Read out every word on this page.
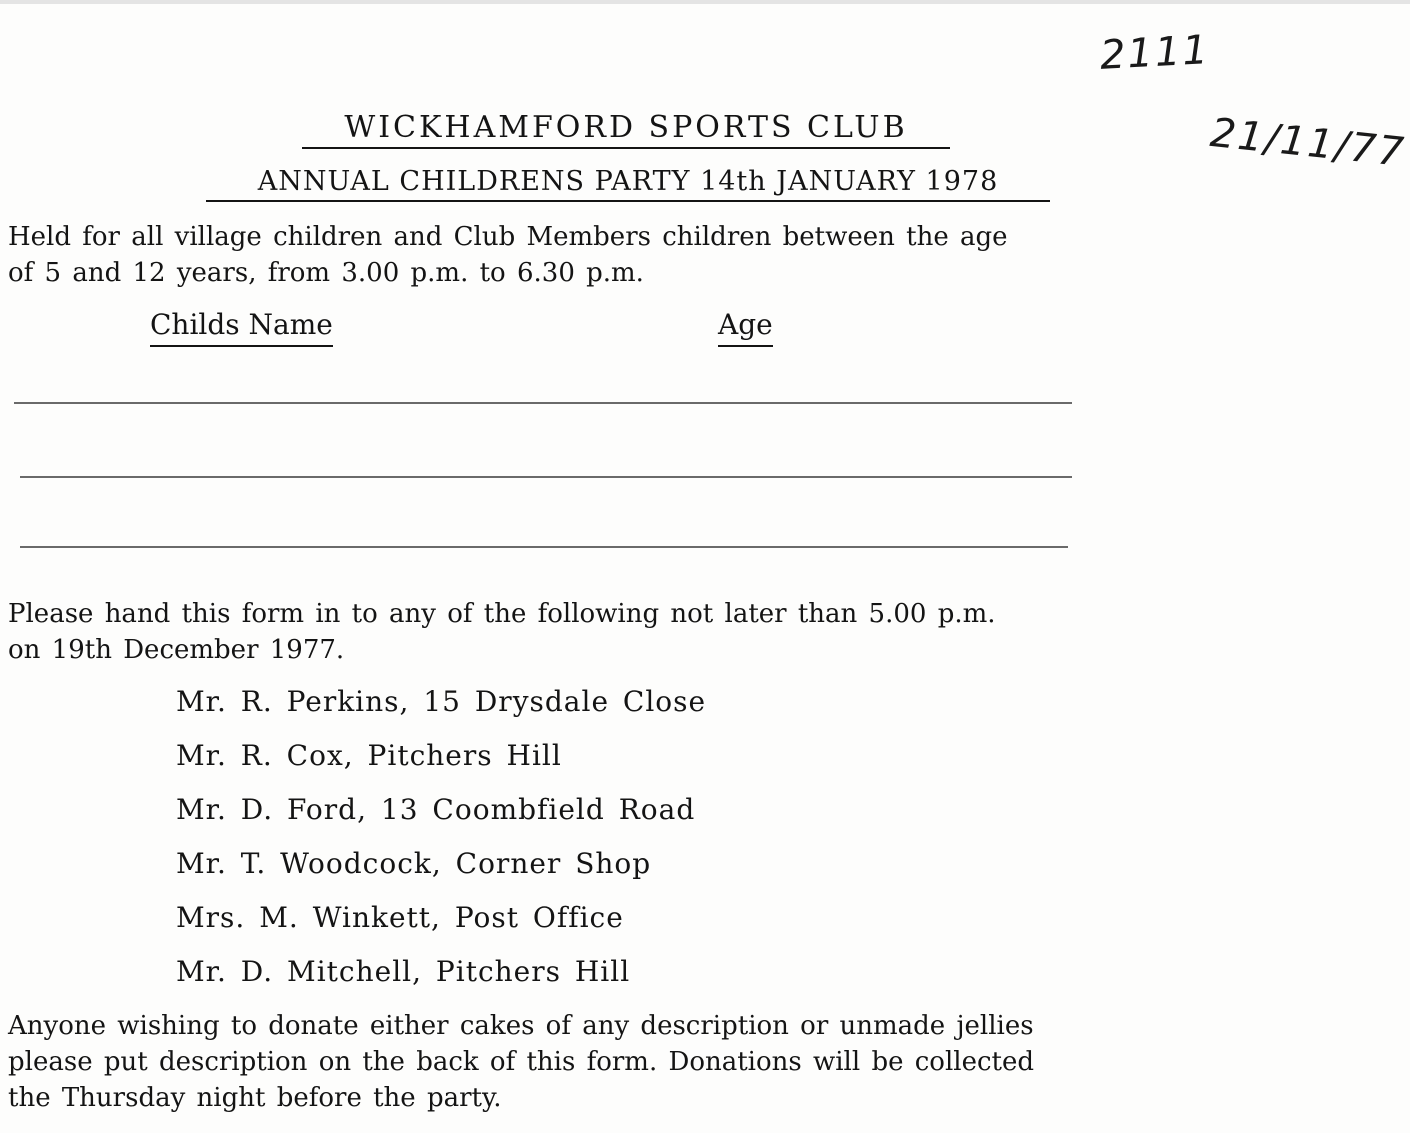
2111
21/11/77
WICKHAMFORD SPORTS CLUB
ANNUAL CHILDRENS PARTY 14th JANUARY 1978
Held for all village children and Club Members children between the age
of 5 and 12 years, from 3.00 p.m. to 6.30 p.m.
Childs Name	Age
Please hand this form in to any of the following not later than 5.00 p.m.
on 19th December 1977.
Mr. R. Perkins, 15 Drysdale Close
Mr. R. Cox, Pitchers Hill
Mr. D. Ford, 13 Coombfield Road
Mr. T. Woodcock, Corner Shop
Mrs. M. Winkett, Post Office
Mr. D. Mitchell, Pitchers Hill
Anyone wishing to donate either cakes of any description or unmade jellies
please put description on the back of this form. Donations will be collected
the Thursday night before the party.
